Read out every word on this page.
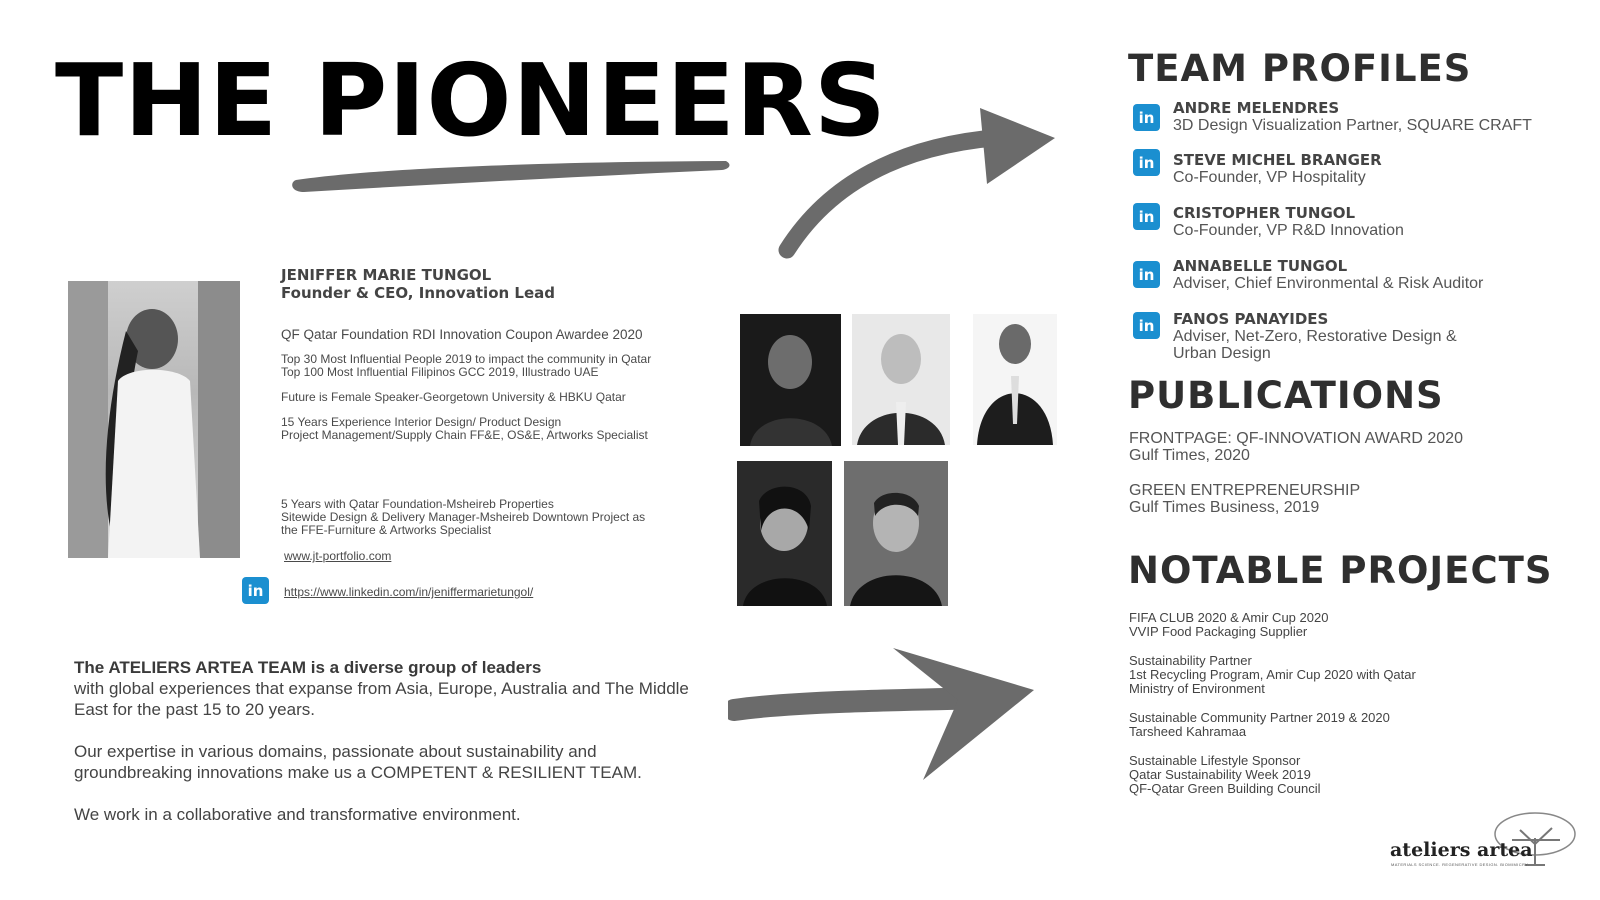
THE PIONEERS
JENIFFER MARIE TUNGOL
Founder & CEO, Innovation Lead
QF Qatar Foundation RDI Innovation Coupon Awardee 2020
Top 30 Most Influential People 2019 to impact the community in Qatar
Top 100 Most Influential Filipinos GCC 2019, Illustrado UAE
Future is Female Speaker-Georgetown University & HBKU Qatar
15 Years Experience Interior Design/ Product Design
Project Management/Supply Chain FF&E, OS&E, Artworks Specialist
5 Years with Qatar Foundation-Msheireb Properties
Sitewide Design & Delivery Manager-Msheireb Downtown Project as
the FFE-Furniture & Artworks Specialist
www.jt-portfolio.com
in	https://www.linkedin.com/in/jeniffermarietungol/

The ATELIERS ARTEA TEAM is a diverse group of leaders
with global experiences that expanse from Asia, Europe, Australia and The Middle East for the past 15 to 20 years.

Our expertise in various domains, passionate about sustainability and groundbreaking innovations make us a COMPETENT & RESILIENT TEAM.

We work in a collaborative and transformative environment.

TEAM PROFILES
in
ANDRE MELENDRES
3D Design Visualization Partner, SQUARE CRAFT
in	STEVE MICHEL BRANGER
Co-Founder, VP Hospitality
in	CRISTOPHER TUNGOL
Co-Founder, VP R&D Innovation
in	ANNABELLE TUNGOL
Adviser, Chief Environmental & Risk Auditor
in	FANOS PANAYIDES
Adviser, Net-Zero, Restorative Design &
Urban Design
PUBLICATIONS
FRONTPAGE: QF-INNOVATION AWARD 2020
Gulf Times, 2020
GREEN ENTREPRENEURSHIP
Gulf Times Business, 2019
NOTABLE PROJECTS
FIFA CLUB 2020 & Amir Cup 2020
VVIP Food Packaging Supplier
Sustainability Partner
1st Recycling Program, Amir Cup 2020 with Qatar
Ministry of Environment
Sustainable Community Partner 2019 & 2020
Tarsheed Kahramaa
Sustainable Lifestyle Sponsor
Qatar Sustainability Week 2019
QF-Qatar Green Building Council
ateliers artea
MATERIALS SCIENCE. REGENERATIVE DESIGN. BIOMIMICRY.
